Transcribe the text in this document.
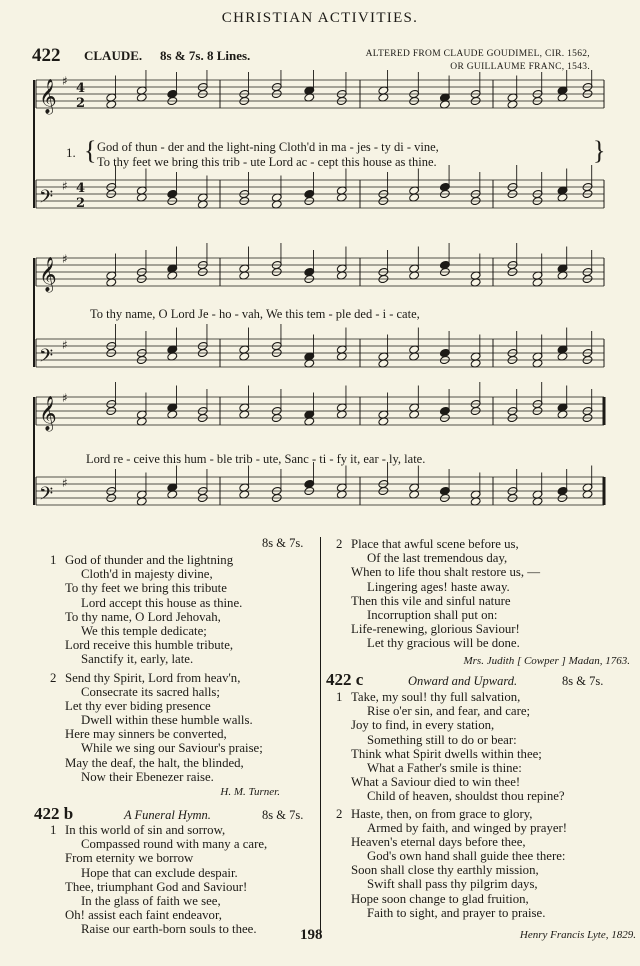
CHRISTIAN ACTIVITIES.
422 CLAUDE. 8s & 7s. 8 Lines.	ALTERED FROM CLAUDE GOUDIMEL, CIR. 1562,
OR GUILLAUME FRANC, 1543.
𝄞 ♯
𝄢
♯
𝄞 ♯
𝄢
♯
𝄞 ♯
𝄢
♯
4
2
4
2
1. {	}
God of thun - der and the light-ning Cloth'd in ma - jes - ty di - vine,
To thy feet we bring this trib - ute Lord ac - cept this house as thine.
To thy name, O Lord Je - ho - vah, We this tem - ple ded - i - cate,
Lord re - ceive this hum - ble trib - ute, Sanc - ti - fy it, ear - ly, late.
8s & 7s.
1 God of thunder and the lightning
Cloth'd in majesty divine,
To thy feet we bring this tribute
Lord accept this house as thine.
To thy name, O Lord Jehovah,
We this temple dedicate;
Lord receive this humble tribute,
Sanctify it, early, late.
2 Send thy Spirit, Lord from heav'n,
Consecrate its sacred halls;
Let thy ever biding presence
Dwell within these humble walls.
Here may sinners be converted,
While we sing our Saviour's praise;
May the deaf, the halt, the blinded,
Now their Ebenezer raise.
H. M. Turner.
422 b	A Funeral Hymn.	8s & 7s.
1 In this world of sin and sorrow,
Compassed round with many a care,
From eternity we borrow
Hope that can exclude despair.
Thee, triumphant God and Saviour!
In the glass of faith we see,
Oh! assist each faint endeavor,
Raise our earth-born souls to thee.
2 Place that awful scene before us,
Of the last tremendous day,
When to life thou shalt restore us, —
Lingering ages! haste away.
Then this vile and sinful nature
Incorruption shall put on:
Life-renewing, glorious Saviour!
Let thy gracious will be done.
Mrs. Judith [ Cowper ] Madan, 1763.
422 c	Onward and Upward.	8s & 7s.
1 Take, my soul! thy full salvation,
Rise o'er sin, and fear, and care;
Joy to find, in every station,
Something still to do or bear:
Think what Spirit dwells within thee;
What a Father's smile is thine:
What a Saviour died to win thee!
Child of heaven, shouldst thou repine?
2 Haste, then, on from grace to glory,
Armed by faith, and winged by prayer!
Heaven's eternal days before thee,
God's own hand shall guide thee there:
Soon shall close thy earthly mission,
Swift shall pass thy pilgrim days,
Hope soon change to glad fruition,
Faith to sight, and prayer to praise.
Henry Francis Lyte, 1829.
198
